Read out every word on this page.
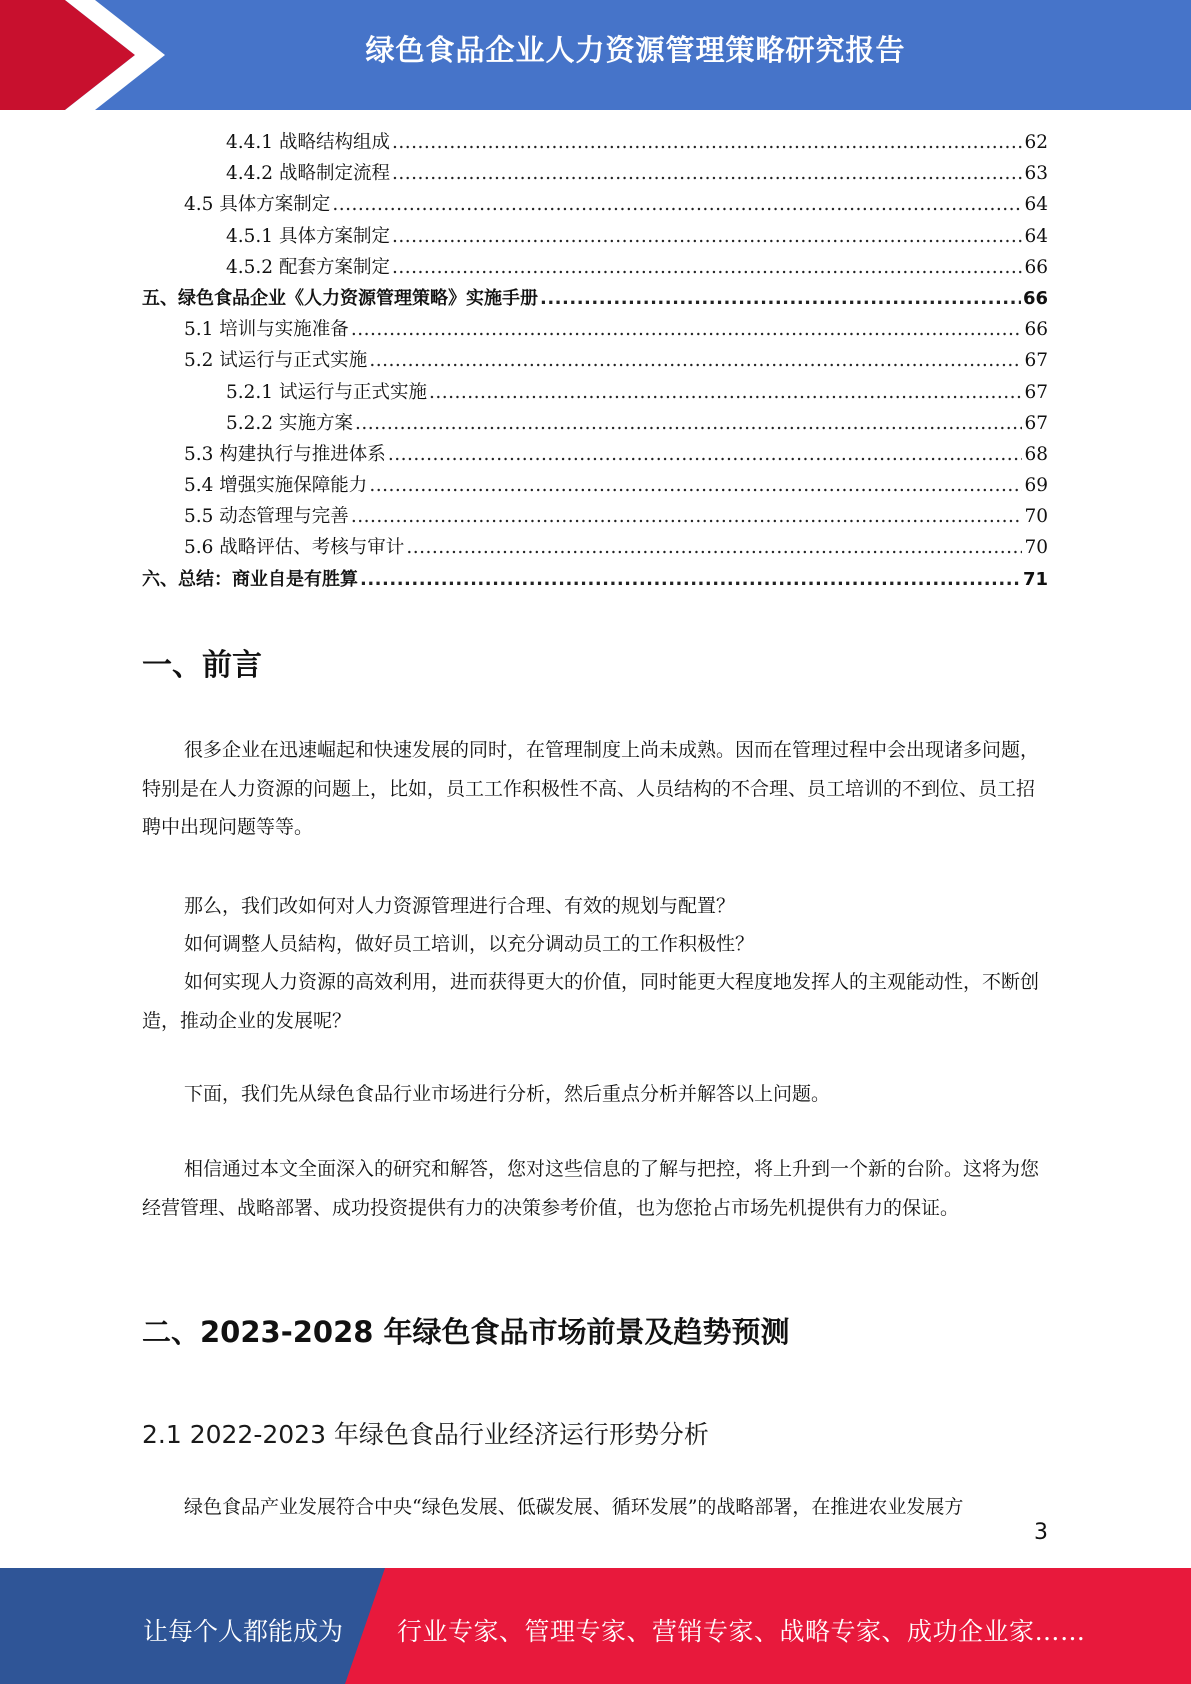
绿色食品企业人力资源管理策略研究报告
4.4.1 战略结构组成 .....	62
4.4.2 战略制定流程 .....	63
4.5 具体方案制定 .....	64
4.5.1 具体方案制定 .....	64
4.5.2 配套方案制定 .....	66
五、绿色食品企业《人力资源管理策略》实施手册 .....	66
5.1 培训与实施准备 .....	66
5.2 试运行与正式实施 .....	67
5.2.1 试运行与正式实施 .....	67
5.2.2 实施方案 .....	67
5.3 构建执行与推进体系 .....	68
5.4 增强实施保障能力 .....	69
5.5 动态管理与完善 .....	70
5.6 战略评估、考核与审计 .....	70
六、总结：商业自是有胜算 .....	71
一、前言

很多企业在迅速崛起和快速发展的同时，在管理制度上尚未成熟。因而在管理过程中会出现诸多问题，特别是在人力资源的问题上，比如，员工工作积极性不高、人员结构的不合理、员工培训的不到位、员工招聘中出现问题等等。

那么，我们改如何对人力资源管理进行合理、有效的规划与配置？

如何调整人员結构，做好员工培训，以充分调动员工的工作积极性？

如何实现人力资源的高效利用，进而获得更大的价值，同时能更大程度地发挥人的主观能动性，不断创造，推动企业的发展呢？

下面，我们先从绿色食品行业市场进行分析，然后重点分析并解答以上问题。

相信通过本文全面深入的研究和解答，您对这些信息的了解与把控，将上升到一个新的台阶。这将为您经营管理、战略部署、成功投资提供有力的决策参考价值，也为您抢占市场先机提供有力的保证。

二、2023-2028 年绿色食品市场前景及趋势预测
2.1 2022-2023 年绿色食品行业经济运行形势分析

绿色食品产业发展符合中央“绿色发展、低碳发展、循环发展”的战略部署，在推进农业发展方

3
让每个人都能成为 行业专家、管理专家、营销专家、战略专家、成功企业家……
